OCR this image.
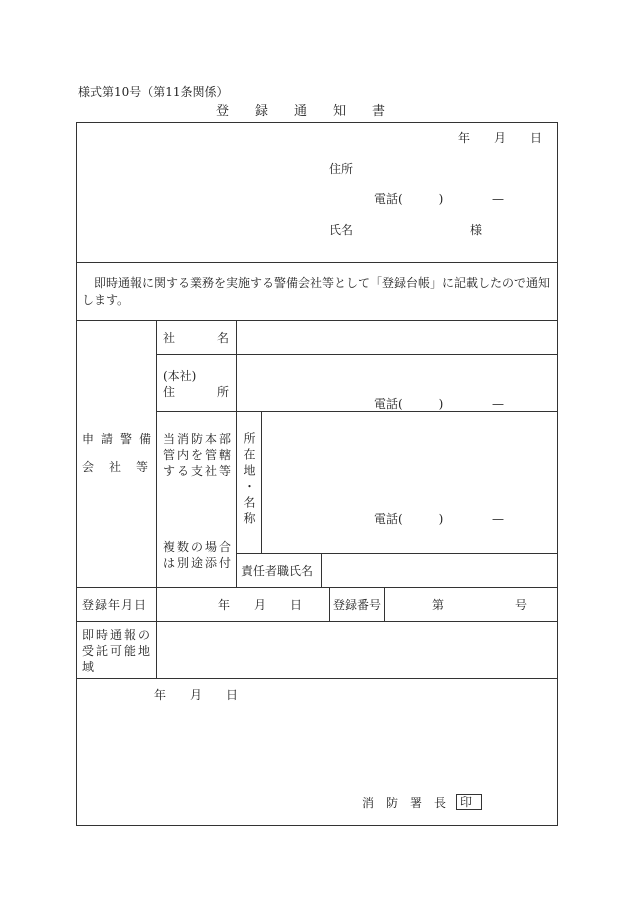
様式第10号（第11条関係）
登　　録　　通　　知　　書
年 月 日
住所
電話(　　　)	—
氏名	様
即時通報に関する業務を実施する警備会社等として「登録台帳」に記載したので通知します。
申請警備
会社等
社名
(本社)
住所
電話(　　　)	—
当消防本部
管内を管轄
する支社等
複数の場合
は別途添付
所在地・名称	電話(　　　)	—
責任者職氏名
登録年月日	年 月 日	登録番号	第	号
即時通報の
受託可能地
域
年 月 日
消　防　署　長	印
